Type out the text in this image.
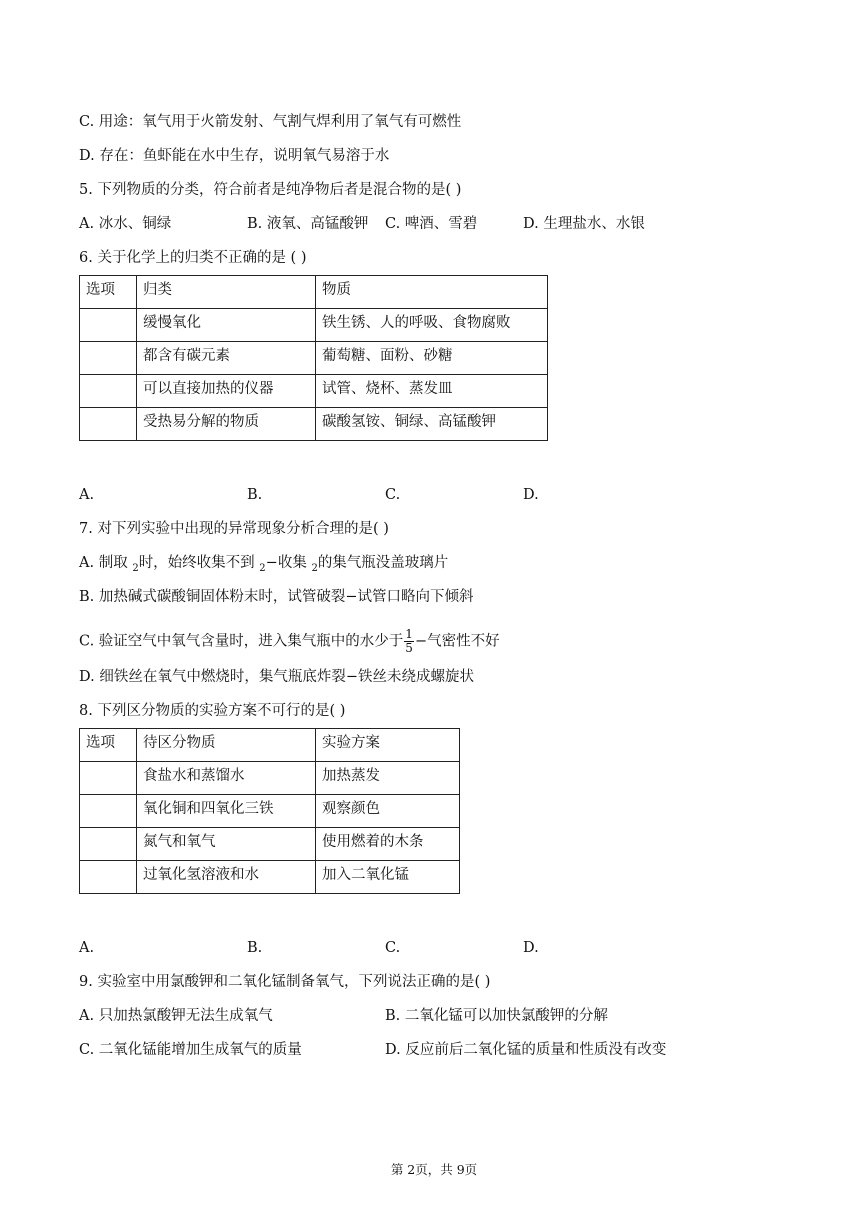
C. 用途：氧气用于火箭发射、气割气焊利用了氧气有可燃性
D. 存在：鱼虾能在水中生存，说明氧气易溶于水
5. 下列物质的分类，符合前者是纯净物后者是混合物的是( )
A. 冰水、铜绿	B. 液氧、高锰酸钾 C. 啤酒、雪碧	D. 生理盐水、水银
6. 关于化学上的归类不正确的是 ( )
选项	归类	物质
	缓慢氧化	铁生锈、人的呼吸、食物腐败
	都含有碳元素	葡萄糖、面粉、砂糖
	可以直接加热的仪器	试管、烧杯、蒸发皿
	受热易分解的物质	碳酸氢铵、铜绿、高锰酸钾
A.	B.	C.	D.
7. 对下列实验中出现的异常现象分析合理的是( )
A. 制取 $_2$时，始终收集不到 $_2$−收集 $_2$的集气瓶没盖玻璃片
B. 加热碱式碳酸铜固体粉末时，试管破裂−试管口略向下倾斜
C. 验证空气中氧气含量时，进入集气瓶中的水少于 $\frac{1}{5}$ −气密性不好
D. 细铁丝在氧气中燃烧时，集气瓶底炸裂−铁丝未绕成螺旋状
8. 下列区分物质的实验方案不可行的是( )
选项	待区分物质	实验方案
	食盐水和蒸馏水	加热蒸发
	氧化铜和四氧化三铁	观察颜色
	氮气和氧气	使用燃着的木条
	过氧化氢溶液和水	加入二氧化锰
A.	B.	C.	D.
9. 实验室中用氯酸钾和二氧化锰制备氧气，下列说法正确的是( )
A. 只加热氯酸钾无法生成氧气	B. 二氧化锰可以加快氯酸钾的分解
C. 二氧化锰能增加生成氧气的质量	D. 反应前后二氧化锰的质量和性质没有改变
第 2页，共 9页
